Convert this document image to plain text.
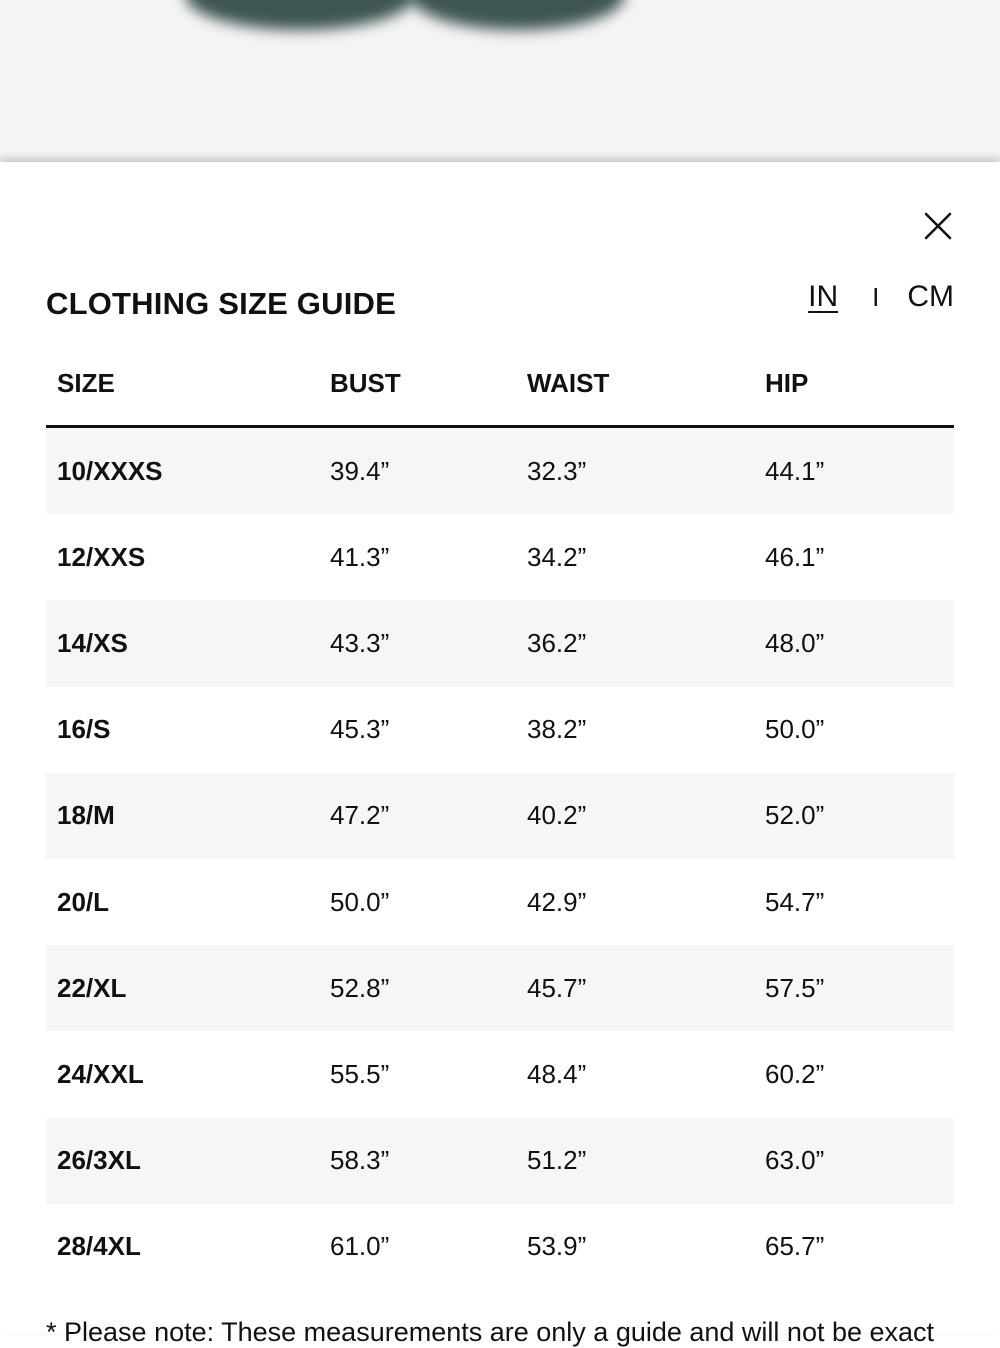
CLOTHING SIZE GUIDE	IN I CM
SIZE	BUST	WAIST	HIP
10/XXXS	39.4”	32.3”	44.1”
12/XXS	41.3”	34.2”	46.1”
14/XS	43.3”	36.2”	48.0”
16/S	45.3”	38.2”	50.0”
18/M	47.2”	40.2”	52.0”
20/L	50.0”	42.9”	54.7”
22/XL	52.8”	45.7”	57.5”
24/XXL	55.5”	48.4”	60.2”
26/3XL	58.3”	51.2”	63.0”
28/4XL	61.0”	53.9”	65.7”
* Please note: These measurements are only a guide and will not be exact
